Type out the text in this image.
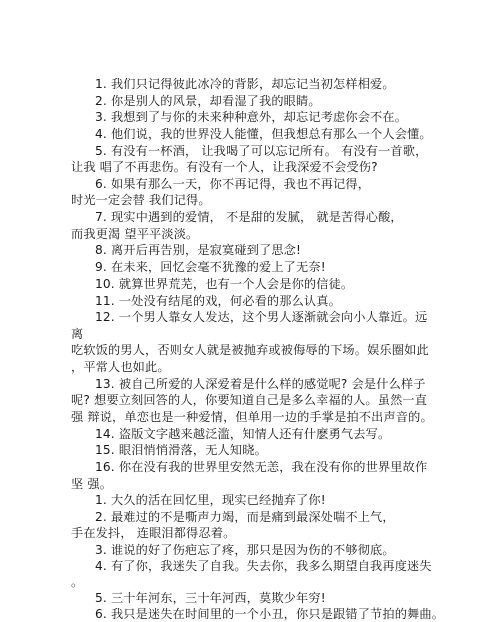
1. 我们只记得彼此冰冷的背影，却忘记当初怎样相爱。
2. 你是别人的风景，却看湿了我的眼睛。
3. 我想到了与你的未来种种意外，却忘记考虑你会不在。
4. 他们说，我的世界没人能懂，但我想总有那么一个人会懂。
5. 有没有一杯酒， 让我喝了可以忘记所有。 有没有一首歌，
让我 唱了不再悲伤。有没有一个人，让我深爱不会受伤?
6. 如果有那么一天，你不再记得，我也不再记得，
时光一定会替 我们记得。
7. 现实中遇到的爱情， 不是甜的发腻， 就是苦得心酸，
而我更渴 望平平淡淡。
8. 离开后再告别，是寂寞碰到了思念!
9. 在未来，回忆会毫不犹豫的爱上了无奈!
10. 就算世界荒芜，也有一个人会是你的信徒。
11. 一处没有结尾的戏，何必看的那么认真。
12. 一个男人靠女人发达，这个男人逐渐就会向小人靠近。远
离
吃软饭的男人，否则女人就是被抛弃或被侮辱的下场。娱乐圈如此
，平常人也如此。
13. 被自己所爱的人深爱着是什么样的感觉呢? 会是什么样子
呢? 想要立刻回答的人，你要知道自己是多么幸福的人。虽然一直
强 辩说，单恋也是一种爱情，但单用一边的手掌是拍不出声音的。
14. 盗版文字越来越泛滥，知情人还有什麽勇气去写。
15. 眼泪悄悄滑落，无人知晓。
16. 你在没有我的世界里安然无恙，我在没有你的世界里故作
坚 强。
1. 大久的活在回忆里，现实已经抛弃了你!
2. 最难过的不是嘶声力竭，而是痛到最深处喘不上气，
手在发抖， 连眼泪都得忍着。
3. 谁说的好了伤疤忘了疼，那只是因为伤的不够彻底。
4. 有了你，我迷失了自我。失去你，我多么期望自我再度迷失
。
5. 三十年河东，三十年河西，莫欺少年穷!
6. 我只是迷失在时间里的一个小丑，你只是跟错了节拍的舞曲。
